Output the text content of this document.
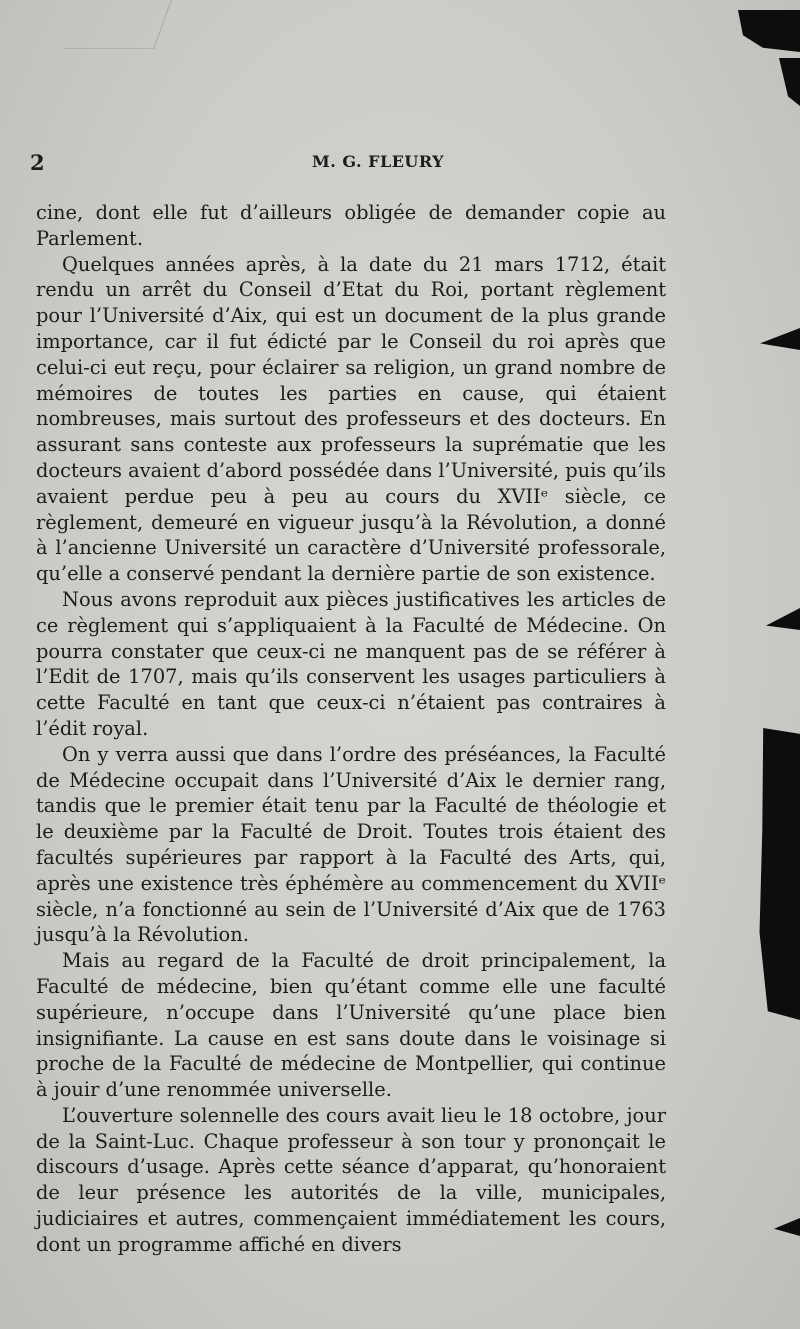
2	M. G. FLEURY

cine, dont elle fut d’ailleurs obligée de demander copie au Parlement.

Quelques années après, à la date du 21 mars 1712, était rendu un arrêt du Conseil d’Etat du Roi, portant règlement pour l’Université d’Aix, qui est un document de la plus grande importance, car il fut édicté par le Conseil du roi après que celui-ci eut reçu, pour éclairer sa religion, un grand nombre de mémoires de toutes les parties en cause, qui étaient nombreuses, mais surtout des professeurs et des docteurs. En assurant sans conteste aux professeurs la suprématie que les docteurs avaient d’abord possédée dans l’Université, puis qu’ils avaient perdue peu à peu au cours du XVIIᵉ siècle, ce règlement, demeuré en vigueur jusqu’à la Révolution, a donné à l’ancienne Université un caractère d’Université professorale, qu’elle a conservé pendant la dernière partie de son existence.

Nous avons reproduit aux pièces justificatives les articles de ce règlement qui s’appliquaient à la Faculté de Médecine. On pourra constater que ceux-ci ne manquent pas de se référer à l’Edit de 1707, mais qu’ils conservent les usages particuliers à cette Faculté en tant que ceux-ci n’étaient pas contraires à l’édit royal.

On y verra aussi que dans l’ordre des préséances, la Faculté de Médecine occupait dans l’Université d’Aix le dernier rang, tandis que le premier était tenu par la Faculté de théologie et le deuxième par la Faculté de Droit. Toutes trois étaient des facultés supérieures par rapport à la Faculté des Arts, qui, après une existence très éphémère au commencement du XVIIᵉ siècle, n’a fonctionné au sein de l’Université d’Aix que de 1763 jusqu’à la Révolution.

Mais au regard de la Faculté de droit principalement, la Faculté de médecine, bien qu’étant comme elle une faculté supérieure, n’occupe dans l’Université qu’une place bien insignifiante. La cause en est sans doute dans le voisinage si proche de la Faculté de médecine de Montpellier, qui continue à jouir d’une renommée universelle.

L’ouverture solennelle des cours avait lieu le 18 octobre, jour de la Saint-Luc. Chaque professeur à son tour y prononçait le discours d’usage. Après cette séance d’apparat, qu’honoraient de leur présence les autorités de la ville, municipales, judiciaires et autres, commençaient immédiatement les cours, dont un programme affiché en divers
